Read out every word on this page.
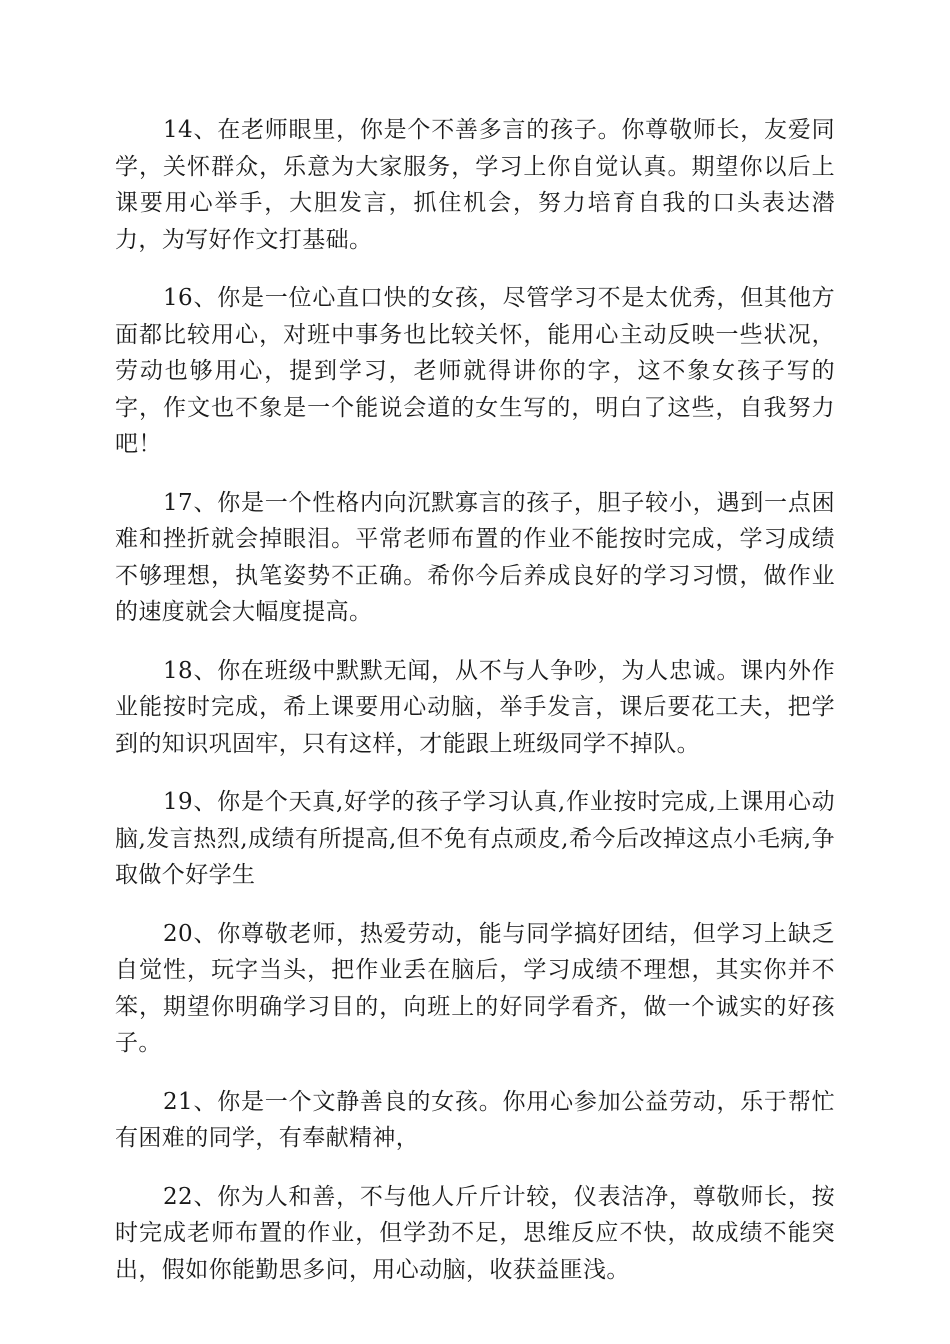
14、在老师眼里，你是个不善多言的孩子。你尊敬师长，友爱同学，关怀群众，乐意为大家服务，学习上你自觉认真。期望你以后上课要用心举手，大胆发言，抓住机会，努力培育自我的口头表达潜力，为写好作文打基础。

16、你是一位心直口快的女孩，尽管学习不是太优秀，但其他方面都比较用心，对班中事务也比较关怀，能用心主动反映一些状况，劳动也够用心，提到学习，老师就得讲你的字，这不象女孩子写的字，作文也不象是一个能说会道的女生写的，明白了这些，自我努力吧！

17、你是一个性格内向沉默寡言的孩子，胆子较小，遇到一点困难和挫折就会掉眼泪。平常老师布置的作业不能按时完成，学习成绩不够理想，执笔姿势不正确。希你今后养成良好的学习习惯，做作业的速度就会大幅度提高。

18、你在班级中默默无闻，从不与人争吵，为人忠诚。课内外作业能按时完成，希上课要用心动脑，举手发言，课后要花工夫，把学到的知识巩固牢，只有这样，才能跟上班级同学不掉队。

19、你是个天真,好学的孩子学习认真,作业按时完成,上课用心动脑,发言热烈,成绩有所提高,但不免有点顽皮,希今后改掉这点小毛病,争取做个好学生

20、你尊敬老师，热爱劳动，能与同学搞好团结，但学习上缺乏自觉性，玩字当头，把作业丢在脑后，学习成绩不理想，其实你并不笨，期望你明确学习目的，向班上的好同学看齐，做一个诚实的好孩子。

21、你是一个文静善良的女孩。你用心参加公益劳动，乐于帮忙有困难的同学，有奉献精神，

22、你为人和善，不与他人斤斤计较，仪表洁净，尊敬师长，按时完成老师布置的作业，但学劲不足，思维反应不快，故成绩不能突出，假如你能勤思多问，用心动脑，收获益匪浅。
